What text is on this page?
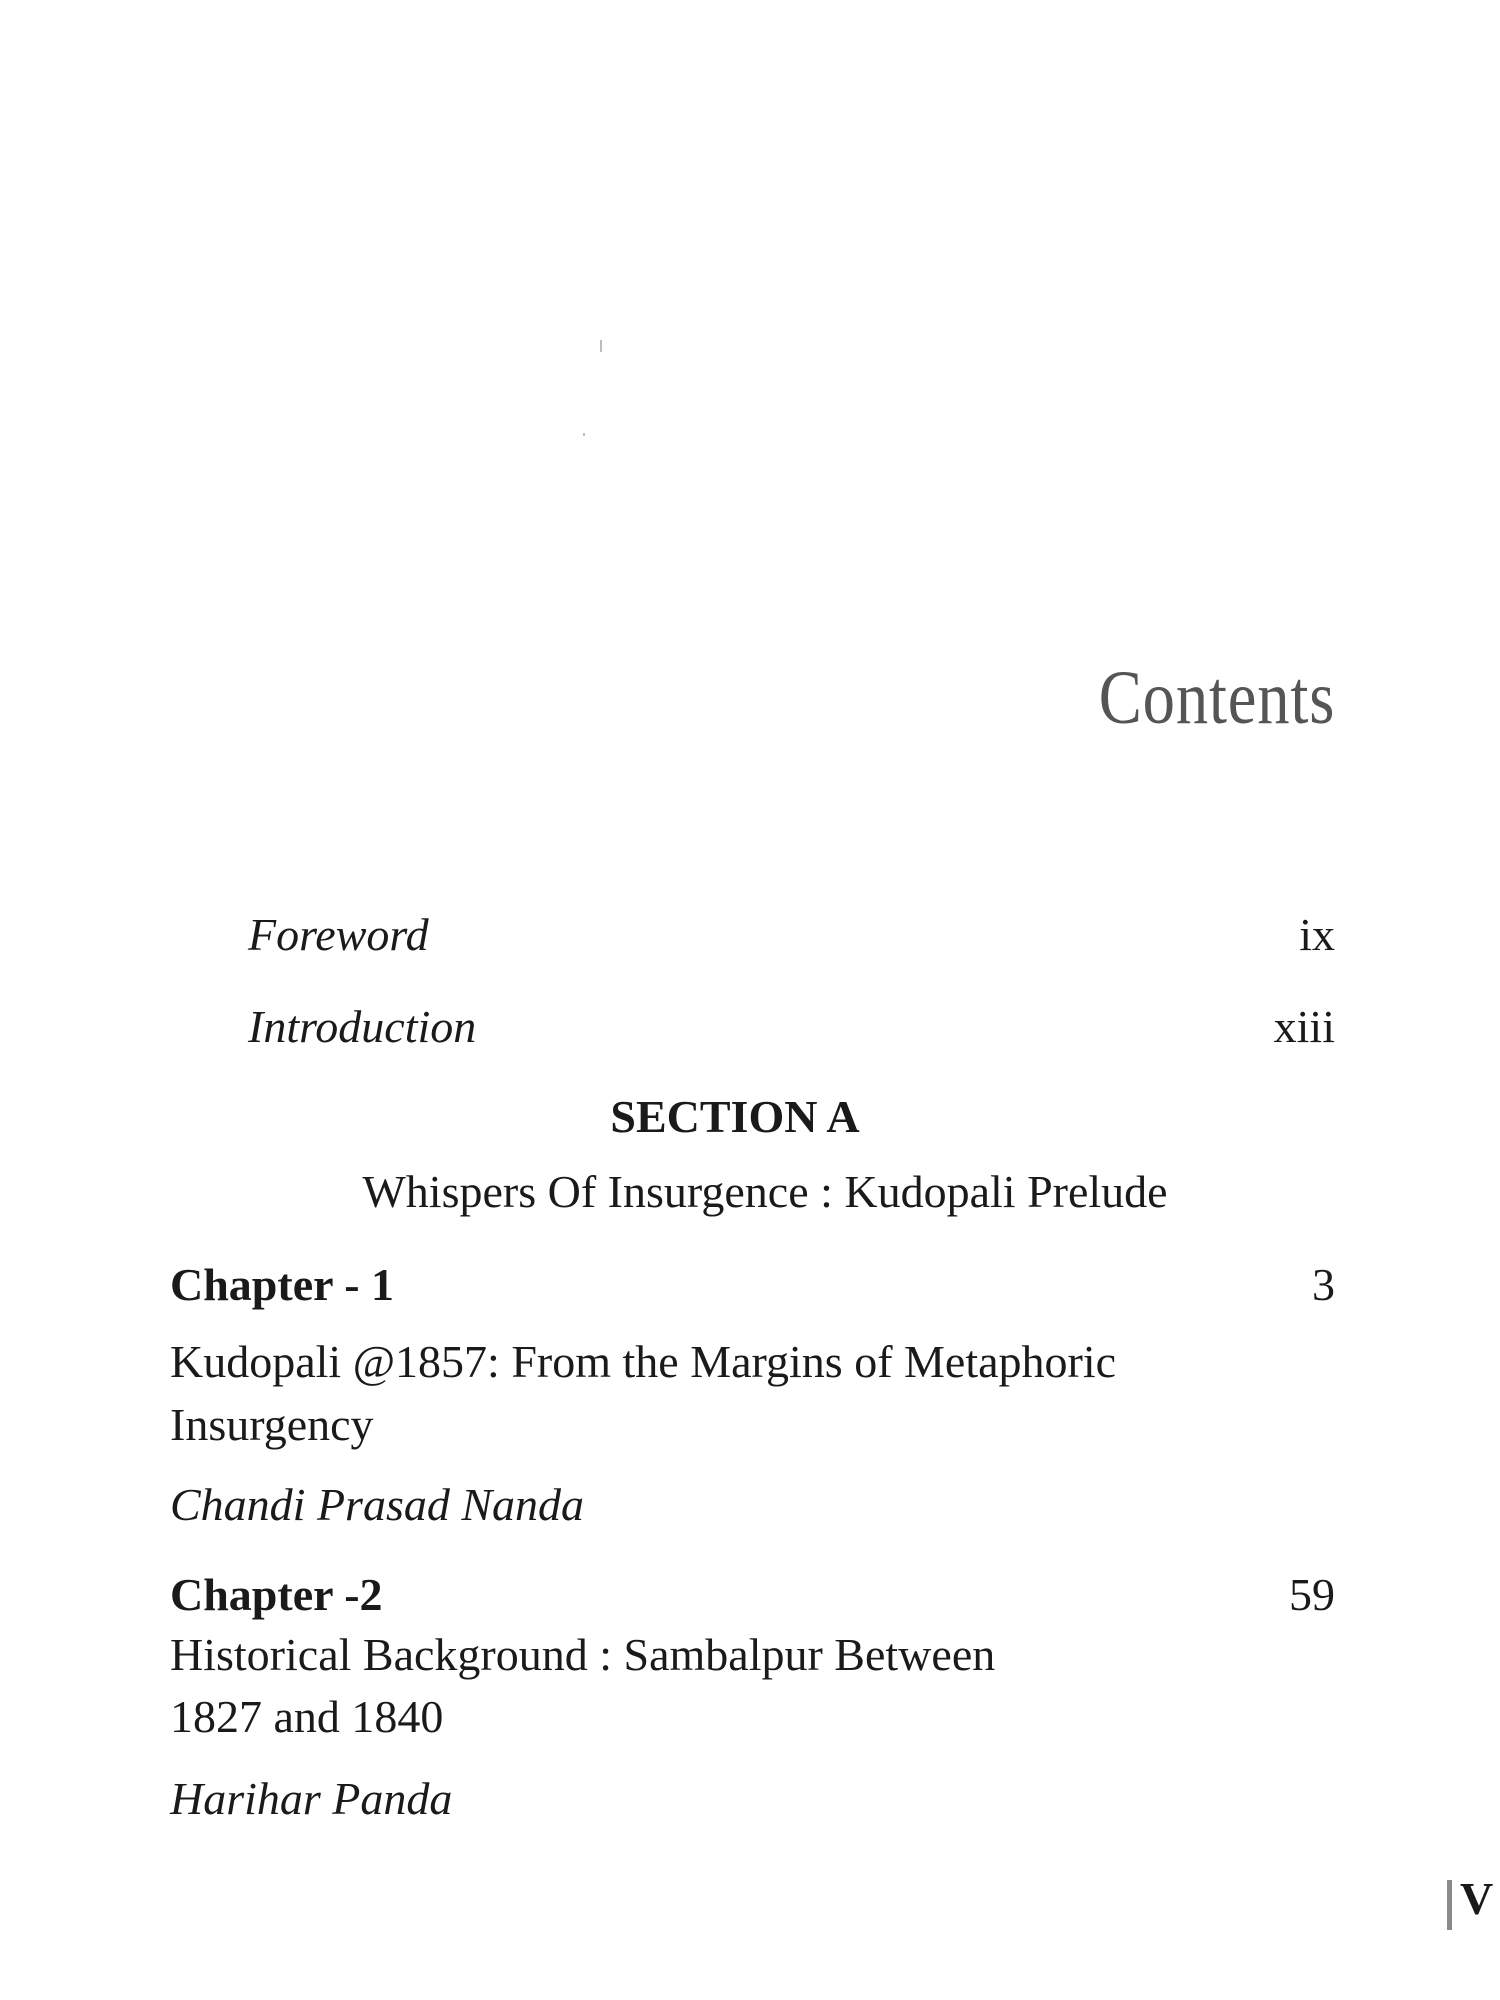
Contents
Foreword	ix
Introduction	xiii
SECTION A
Whispers Of Insurgence : Kudopali Prelude
Chapter - 1	3
Kudopali @1857: From the Margins of Metaphoric
Insurgency
Chandi Prasad Nanda
Chapter -2	59
Historical Background : Sambalpur Between
1827 and 1840
Harihar Panda
V
